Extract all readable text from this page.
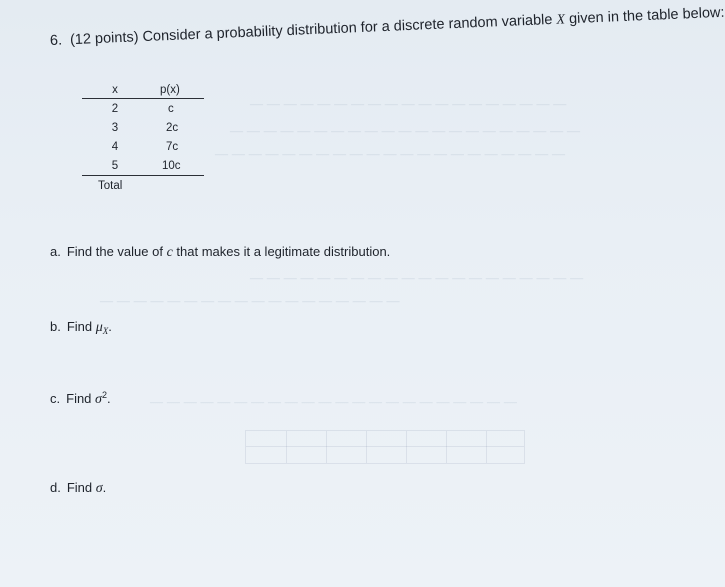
— — — — — — — — — — — — — — — — — — —
— — — — — — — — — — — — — — — — — — — — —
— — — — — — — — — — — — — — — — — — — — —
— — — — — — — — — — — — — — — — — — — —
— — — — — — — — — — — — — — — — — —
— — — — — — — — — — — — — — — — — — — — — —
6. (12 points) Consider a probability distribution for a discrete random variable X given in the table below:
x	p(x)
2	c
3	2c
4	7c
5	10c
Total
a. Find the value of c that makes it a legitimate distribution.
b. Find $\mu_X$.
c. Find $\sigma^2$.
d. Find σ.
